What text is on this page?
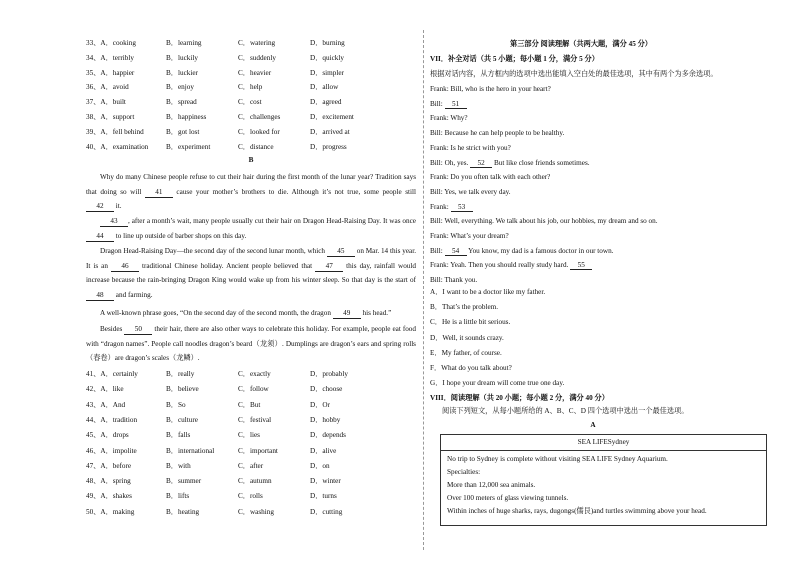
33、A．cooking	B．learning	C．watering	D．burning
34、A．terribly	B．luckily	C．suddenly	D．quickly
35、A．happier	B．luckier	C．heavier	D．simpler
36、A．avoid	B．enjoy	C．help	D．allow
37、A．built	B．spread	C．cost	D．agreed
38、A．support	B．happiness	C．challenges	D．excitement
39、A．fell behind	B．got lost	C．looked for	D．arrived at
40、A．examination B．experiment	C．distance	D．progress
B
Why do many Chinese people refuse to cut their hair during the first month of the lunar year? Tradition says that doing so will 41 cause your mother’s brothers to die. Although it’s not true, some people still 42 it.
43 , after a month’s wait, many people usually cut their hair on Dragon Head-Raising Day. It was once 44 to line up outside of barber shops on this day.
Dragon Head-Raising Day—the second day of the second lunar month, which 45 on Mar. 14 this year. It is an 46 traditional Chinese holiday. Ancient people believed that 47 this day, rainfall would increase because the rain-bringing Dragon King would wake up from his winter sleep. So that day is the start of 48 and farming.
A well-known phrase goes, “On the second day of the second month, the dragon 49 his head.”
Besides 50 their hair, there are also other ways to celebrate this holiday. For example, people eat food with “dragon names”. People call noodles dragon’s beard（龙须）. Dumplings are dragon’s ears and spring rolls（春卷）are dragon’s scales（龙鳞）.
41、A．certainly	B．really	C．exactly	D．probably
42、A．like	B．believe	C．follow	D．choose
43、A．And	B．So	C．But	D．Or
44、A．tradition	B．culture	C．festival	D．hobby
45、A．drops	B．falls	C．lies	D．depends
46、A．impolite	B．international	C．important	D．alive
47、A．before	B．with	C．after	D．on
48、A．spring	B．summer	C．autumn	D．winter
49、A．shakes	B．lifts	C．rolls	D．turns
50、A．making	B．heating	C．washing	D．cutting
第三部分 阅读理解（共两大题，满分 45 分）
VII．补全对话（共 5 小题；每小题 1 分，满分 5 分）
根据对话内容，从方框内的选项中选出能填入空白处的最佳选项，其中有两个为多余选项。
Frank: Bill, who is the hero in your heart?
Bill: 51
Frank: Why?
Bill: Because he can help people to be healthy.
Frank: Is he strict with you?
Bill: Oh, yes. 52 But like close friends sometimes.
Frank: Do you often talk with each other?
Bill: Yes, we talk every day.
Frank: 53
Bill: Well, everything. We talk about his job, our hobbies, my dream and so on.
Frank: What’s your dream?
Bill: 54 You know, my dad is a famous doctor in our town.
Frank: Yeah. Then you should really study hard. 55
Bill: Thank you.
A．I want to be a doctor like my father.
B．That’s the problem.
C．He is a little bit serious.
D．Well, it sounds crazy.
E．My father, of course.
F．What do you talk about?
G．I hope your dream will come true one day.
VIII．阅读理解（共 20 小题；每小题 2 分，满分 40 分）
阅读下列短文，从每小题所给的 A、B、C、D 四个选项中选出一个最佳选项。
A
SEA LIFESydney
No trip to Sydney is complete without visiting SEA LIFE Sydney Aquarium.
Specialties:
More than 12,000 sea animals.
Over 100 meters of glass viewing tunnels.
Within inches of huge sharks, rays, dugongs(儒艮)and turtles swimming above your head.
